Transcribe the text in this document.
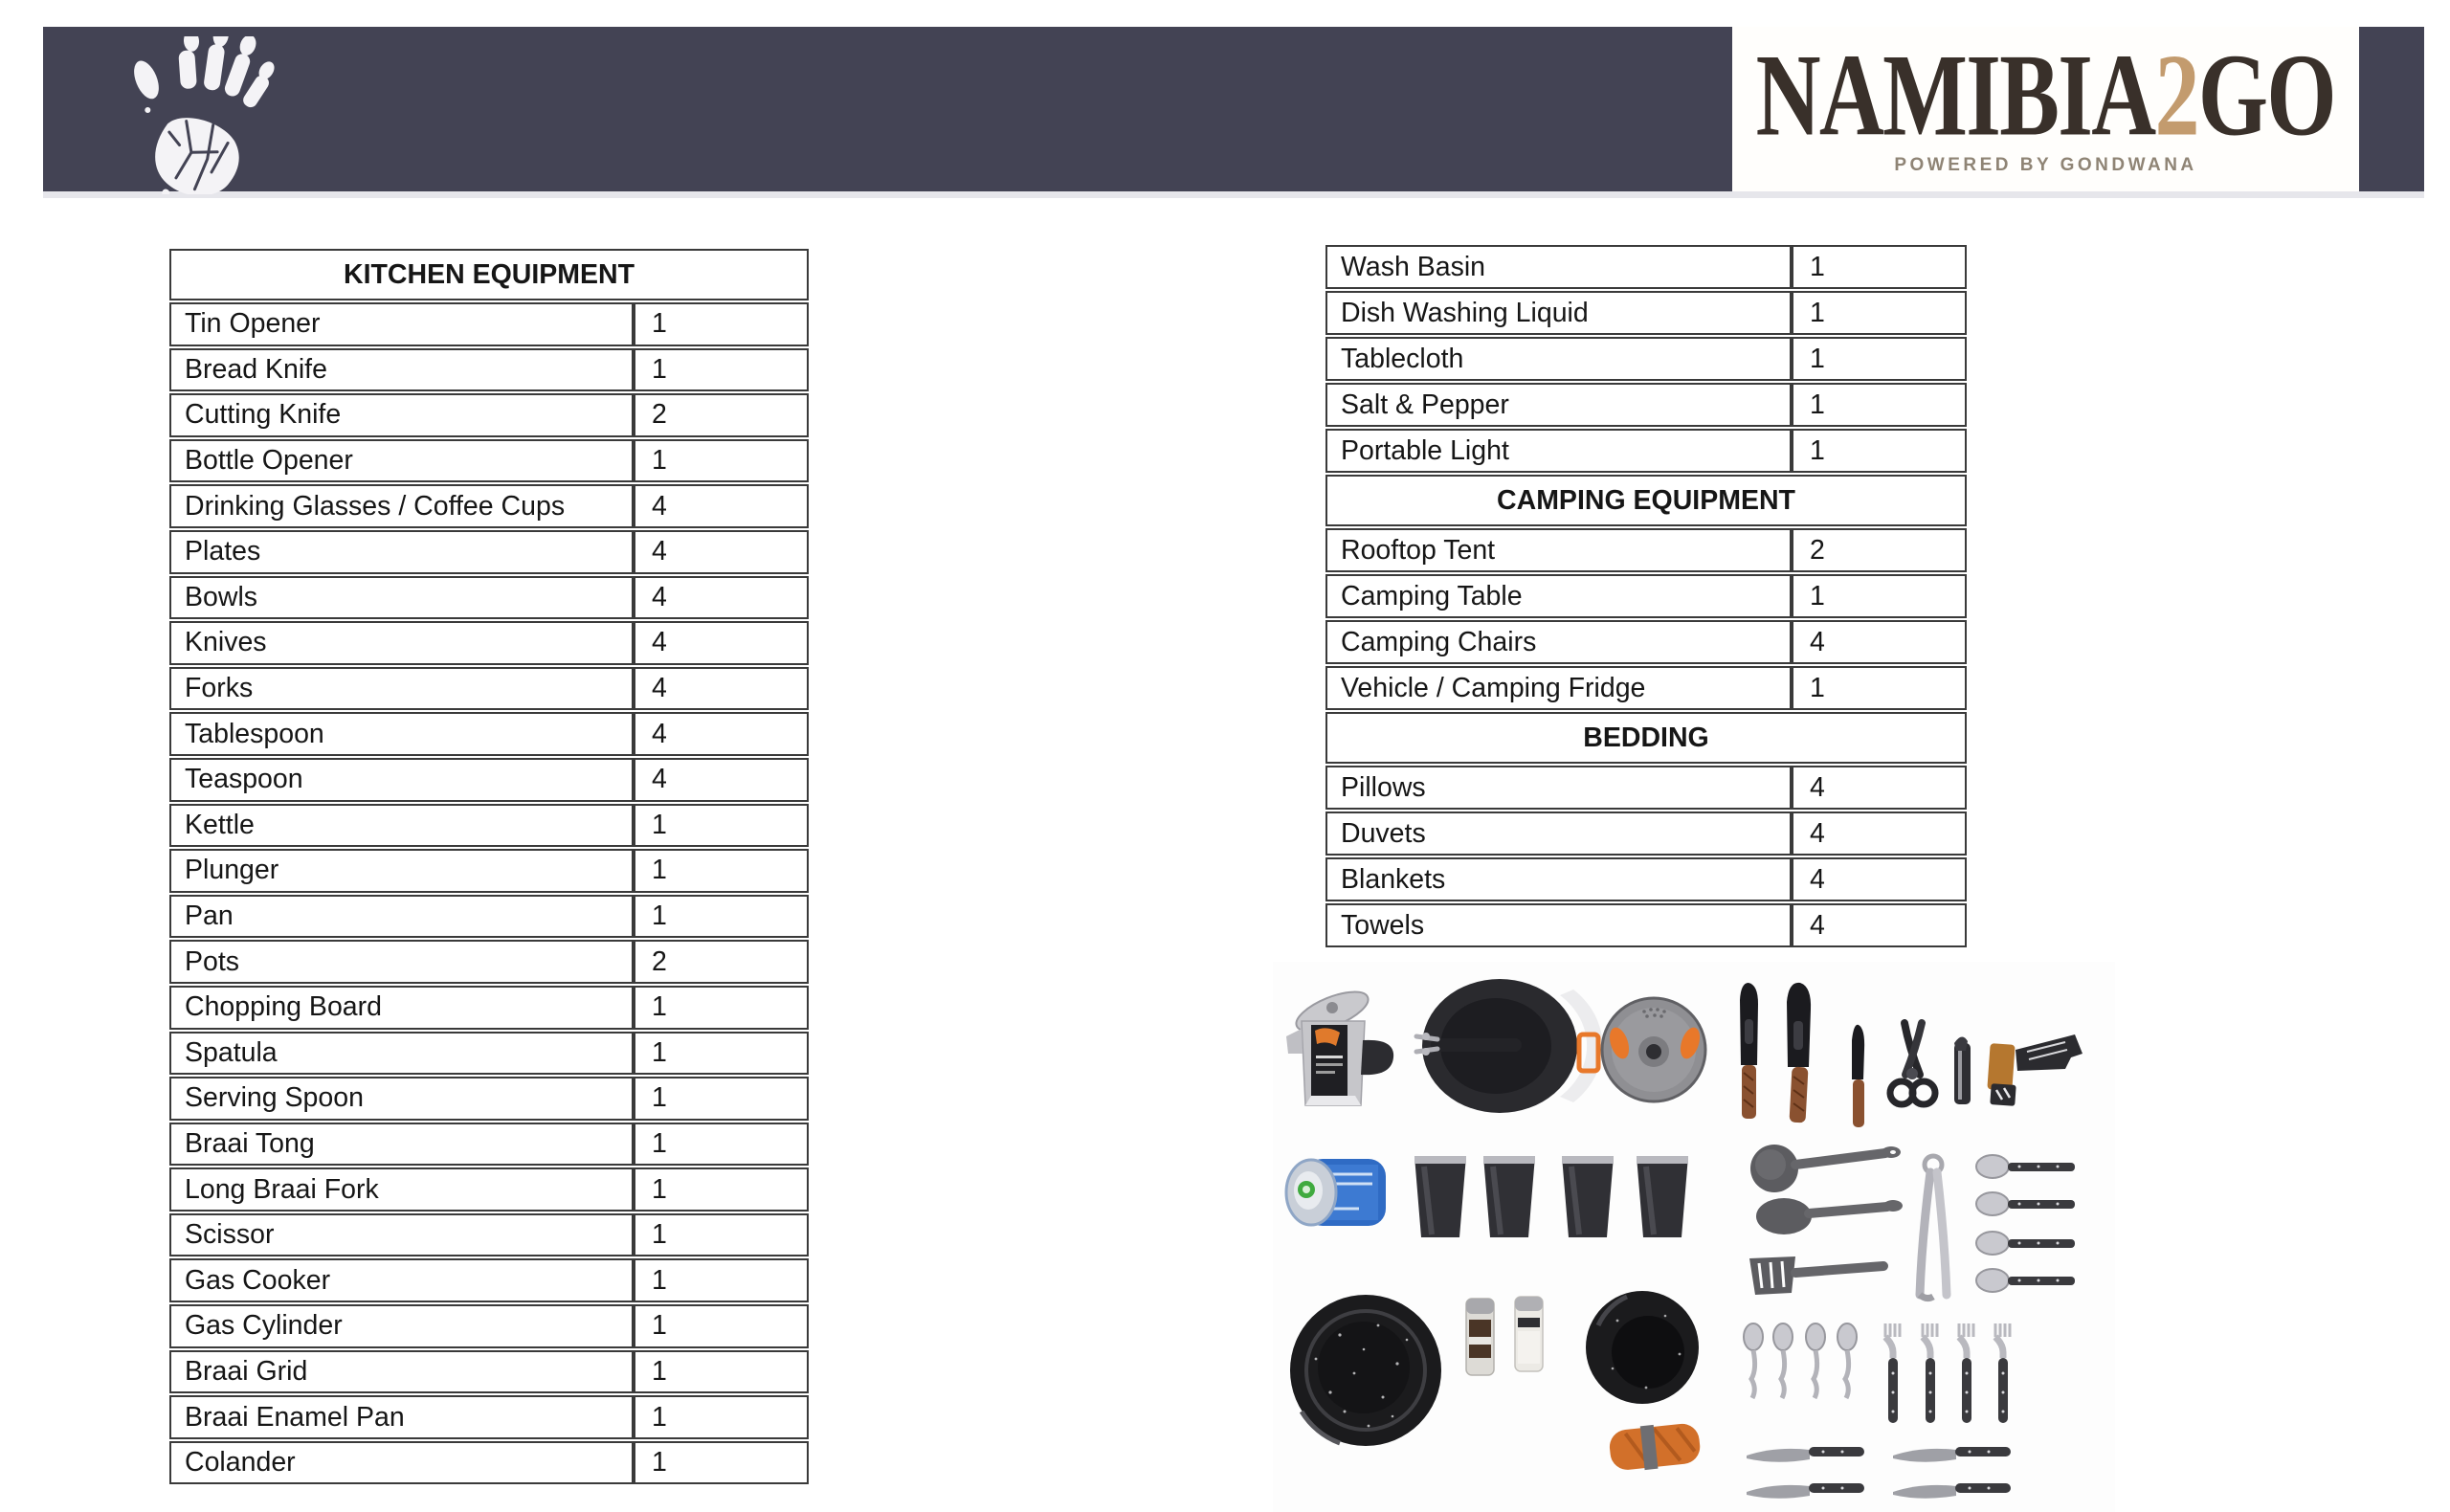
NAMIBIA2GO
POWERED BY GONDWANA
KITCHEN EQUIPMENT	
Tin Opener	1
Bread Knife	1
Cutting Knife	2
Bottle Opener	1
Drinking Glasses / Coffee Cups	4
Plates	4
Bowls	4
Knives	4
Forks	4
Tablespoon	4
Teaspoon	4
Kettle	1
Plunger	1
Pan	1
Pots	2
Chopping Board	1
Spatula	1
Serving Spoon	1
Braai Tong	1
Long Braai Fork	1
Scissor	1
Gas Cooker	1
Gas Cylinder	1
Braai Grid	1
Braai Enamel Pan	1
Colander	1
Wash Basin	1
Dish Washing Liquid	1
Tablecloth	1
Salt & Pepper	1
Portable Light	1
CAMPING EQUIPMENT	
Rooftop Tent	2
Camping Table	1
Camping Chairs	4
Vehicle / Camping Fridge	1
BEDDING	
Pillows	4
Duvets	4
Blankets	4
Towels	4
